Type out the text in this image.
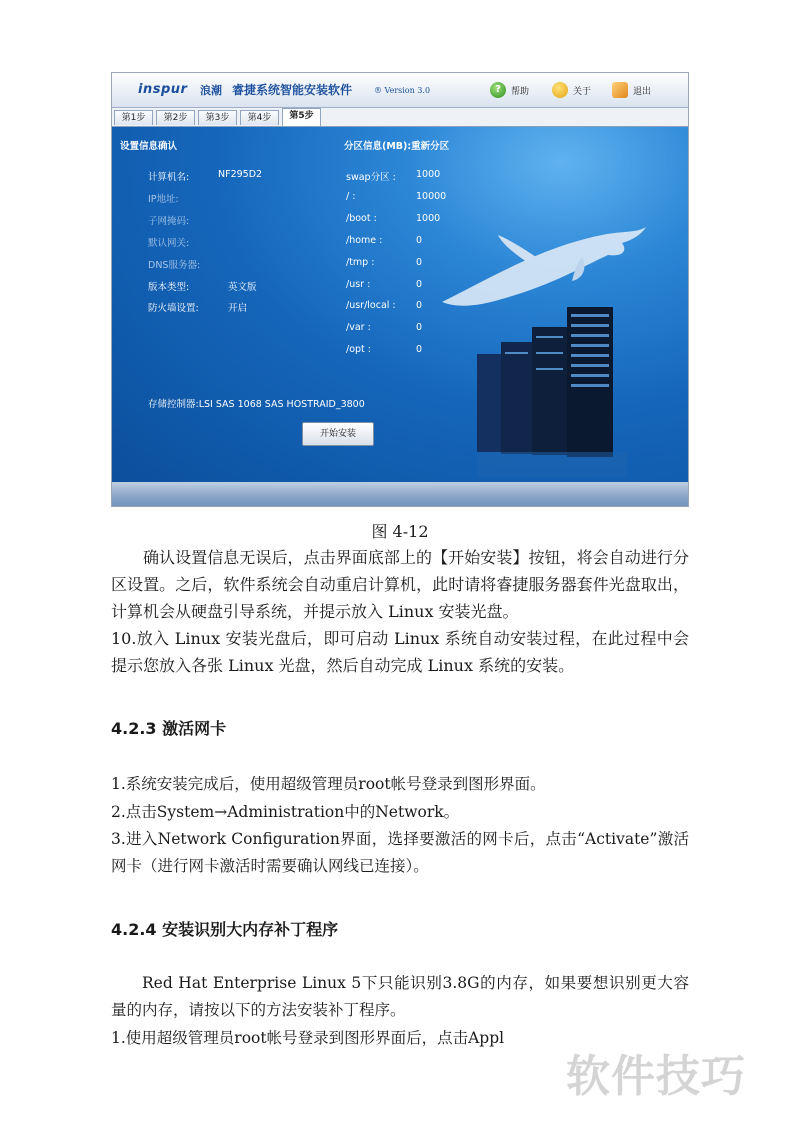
inspur 浪潮 睿捷系统智能安装软件	® Version 3.0	?	帮助	关于	退出
第1步	第2步	第3步	第4步	第5步
设置信息确认	分区信息(MB):重新分区
计算机名:	NF295D2
IP地址:
子网掩码:
默认网关:
DNS服务器:
版本类型:	英文版
防火墙设置:	开启
swap分区 : 1000
/ :	10000
/boot :	1000
/home :	0
/tmp :	0
/usr :	0
/usr/local : 0
/var :	0
/opt :	0
存储控制器:LSI SAS 1068 SAS HOSTRAID_3800
开始安装
图 4-12
确认设置信息无误后，点击界面底部上的【开始安装】按钮，将会自动进行分区设置。之后，软件系统会自动重启计算机，此时请将睿捷服务器套件光盘取出，计算机会从硬盘引导系统，并提示放入 Linux 安装光盘。
10.放入 Linux 安装光盘后，即可启动 Linux 系统自动安装过程，在此过程中会提示您放入各张 Linux 光盘，然后自动完成 Linux 系统的安装。
4.2.3 激活网卡
1.系统安装完成后，使用超级管理员root帐号登录到图形界面。
2.点击System→Administration中的Network。
3.进入Network Configuration界面，选择要激活的网卡后，点击“Activate”激活网卡（进行网卡激活时需要确认网线已连接）。
4.2.4 安装识别大内存补丁程序
Red Hat Enterprise Linux 5下只能识别3.8G的内存，如果要想识别更大容量的内存，请按以下的方法安装补丁程序。
1.使用超级管理员root帐号登录到图形界面后，点击Appl
软件技巧
